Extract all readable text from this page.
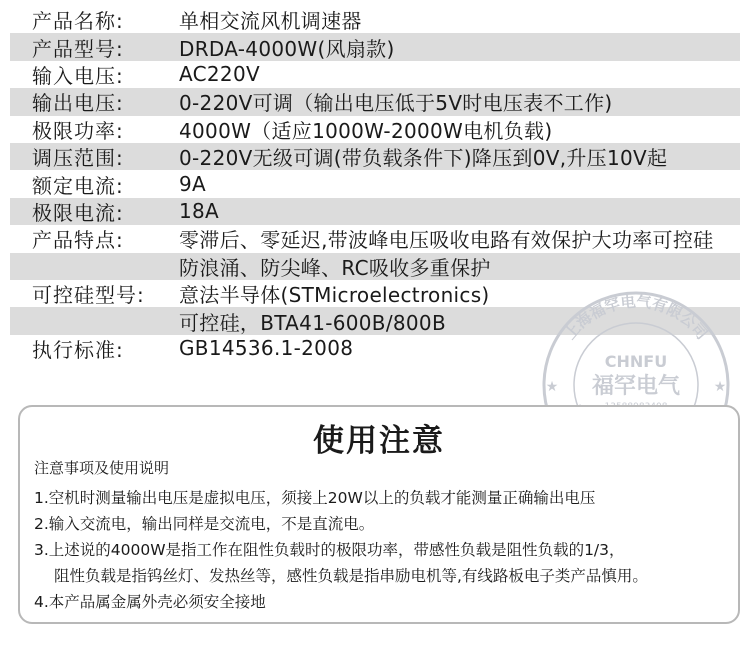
产品名称:	单相交流风机调速器
产品型号:	DRDA-4000W(风扇款)
输入电压:	AC220V
输出电压:	0-220V可调（输出电压低于5V时电压表不工作)
极限功率:	4000W（适应1000W-2000W电机负载)
调压范围:	0-220V无级可调(带负载条件下)降压到0V,升压10V起
额定电流:	9A
极限电流:	18A
产品特点:	零滞后、零延迟,带波峰电压吸收电路有效保护大功率可控硅
防浪涌、防尖峰、RC吸收多重保护
可控硅型号:	意法半导体(STMicroelectronics)
可控硅，BTA41-600B/800B
执行标准:	GB14536.1-2008
上海福罕电气有限公司
CHNFU
福罕电气
★	★
使用注意
注意事项及使用说明
1.空机时测量输出电压是虚拟电压，须接上20W以上的负载才能测量正确输出电压
2.输入交流电，输出同样是交流电，不是直流电。
3.上述说的4000W是指工作在阻性负载时的极限功率，带感性负载是阻性负载的1/3，
阻性负载是指钨丝灯、发热丝等，感性负载是指串励电机等,有线路板电子类产品慎用。
4.本产品属金属外壳必须安全接地
